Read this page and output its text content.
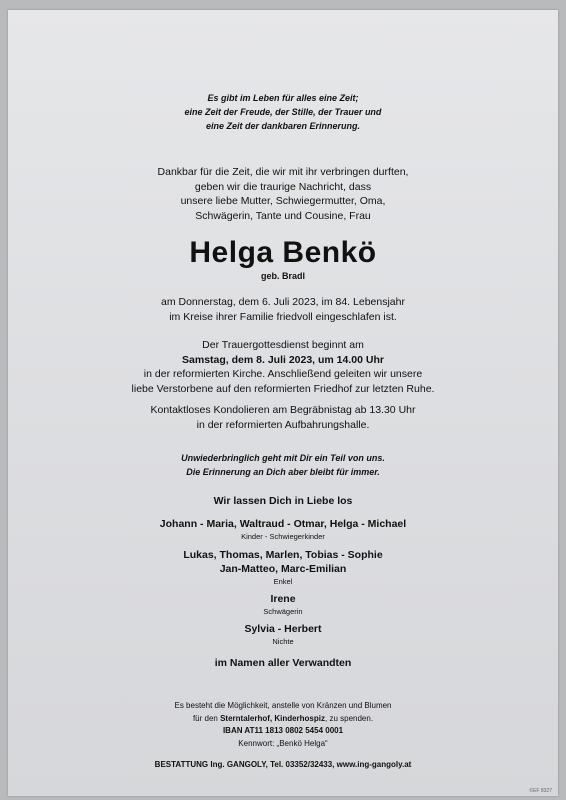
Es gibt im Leben für alles eine Zeit;
eine Zeit der Freude, der Stille, der Trauer und
eine Zeit der dankbaren Erinnerung.
Dankbar für die Zeit, die wir mit ihr verbringen durften,
geben wir die traurige Nachricht, dass
unsere liebe Mutter, Schwiegermutter, Oma,
Schwägerin, Tante und Cousine, Frau
Helga Benkö
geb. Bradl
am Donnerstag, dem 6. Juli 2023, im 84. Lebensjahr
im Kreise ihrer Familie friedvoll eingeschlafen ist.
Der Trauergottesdienst beginnt am
Samstag, dem 8. Juli 2023, um 14.00 Uhr
in der reformierten Kirche. Anschließend geleiten wir unsere
liebe Verstorbene auf den reformierten Friedhof zur letzten Ruhe.
Kontaktloses Kondolieren am Begräbnistag ab 13.30 Uhr
in der reformierten Aufbahrungshalle.
Unwiederbringlich geht mit Dir ein Teil von uns.
Die Erinnerung an Dich aber bleibt für immer.
Wir lassen Dich in Liebe los
Johann - Maria, Waltraud - Otmar, Helga - Michael
Kinder - Schwiegerkinder
Lukas, Thomas, Marlen, Tobias - Sophie
Jan-Matteo, Marc-Emilian
Enkel
Irene
Schwägerin
Sylvia - Herbert
Nichte
im Namen aller Verwandten
Es besteht die Möglichkeit, anstelle von Kränzen und Blumen
für den Sterntalerhof, Kinderhospiz, zu spenden.
IBAN AT11 1813 0802 5454 0001
Kennwort: „Benkö Helga“
BESTATTUNG Ing. GANGOLY, Tel. 03352/32433, www.ing-gangoly.at
©EF 8327
